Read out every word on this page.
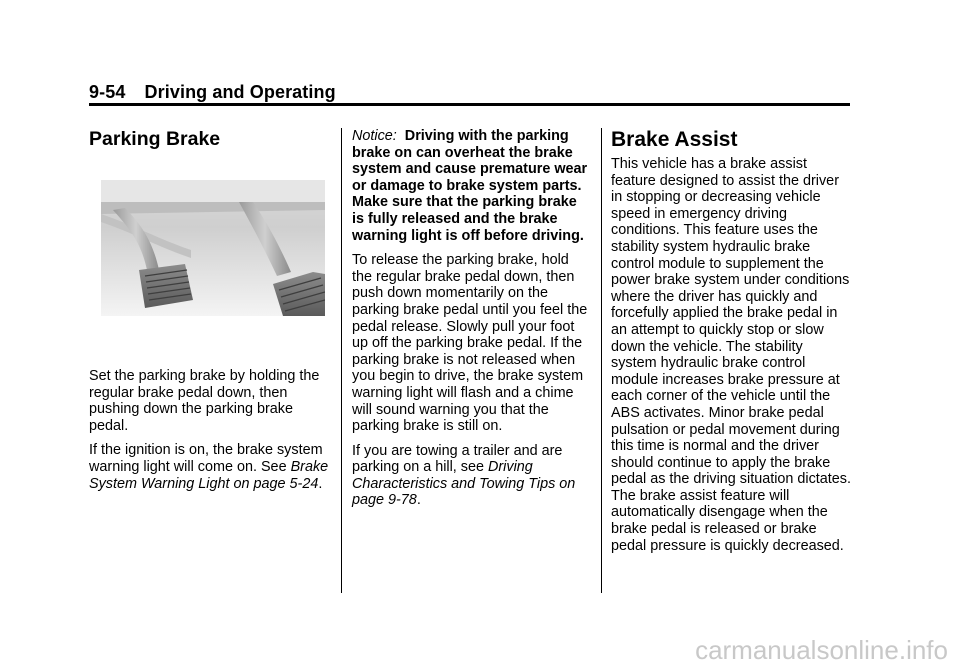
9-54 Driving and Operating
Parking Brake

Set the parking brake by holding the regular brake pedal down, then pushing down the parking brake pedal.

If the ignition is on, the brake system warning light will come on. See Brake System Warning Light on page 5-24.

Notice: Driving with the parking brake on can overheat the brake system and cause premature wear or damage to brake system parts. Make sure that the parking brake is fully released and the brake warning light is off before driving.

To release the parking brake, hold the regular brake pedal down, then push down momentarily on the parking brake pedal until you feel the pedal release. Slowly pull your foot up off the parking brake pedal. If the parking brake is not released when you begin to drive, the brake system warning light will flash and a chime will sound warning you that the parking brake is still on.

If you are towing a trailer and are parking on a hill, see Driving Characteristics and Towing Tips on page 9-78.

Brake Assist

This vehicle has a brake assist feature designed to assist the driver in stopping or decreasing vehicle speed in emergency driving conditions. This feature uses the stability system hydraulic brake control module to supplement the power brake system under conditions where the driver has quickly and forcefully applied the brake pedal in an attempt to quickly stop or slow down the vehicle. The stability system hydraulic brake control module increases brake pressure at each corner of the vehicle until the ABS activates. Minor brake pedal pulsation or pedal movement during this time is normal and the driver should continue to apply the brake pedal as the driving situation dictates. The brake assist feature will automatically disengage when the brake pedal is released or brake pedal pressure is quickly decreased.

carmanualsonline.info
